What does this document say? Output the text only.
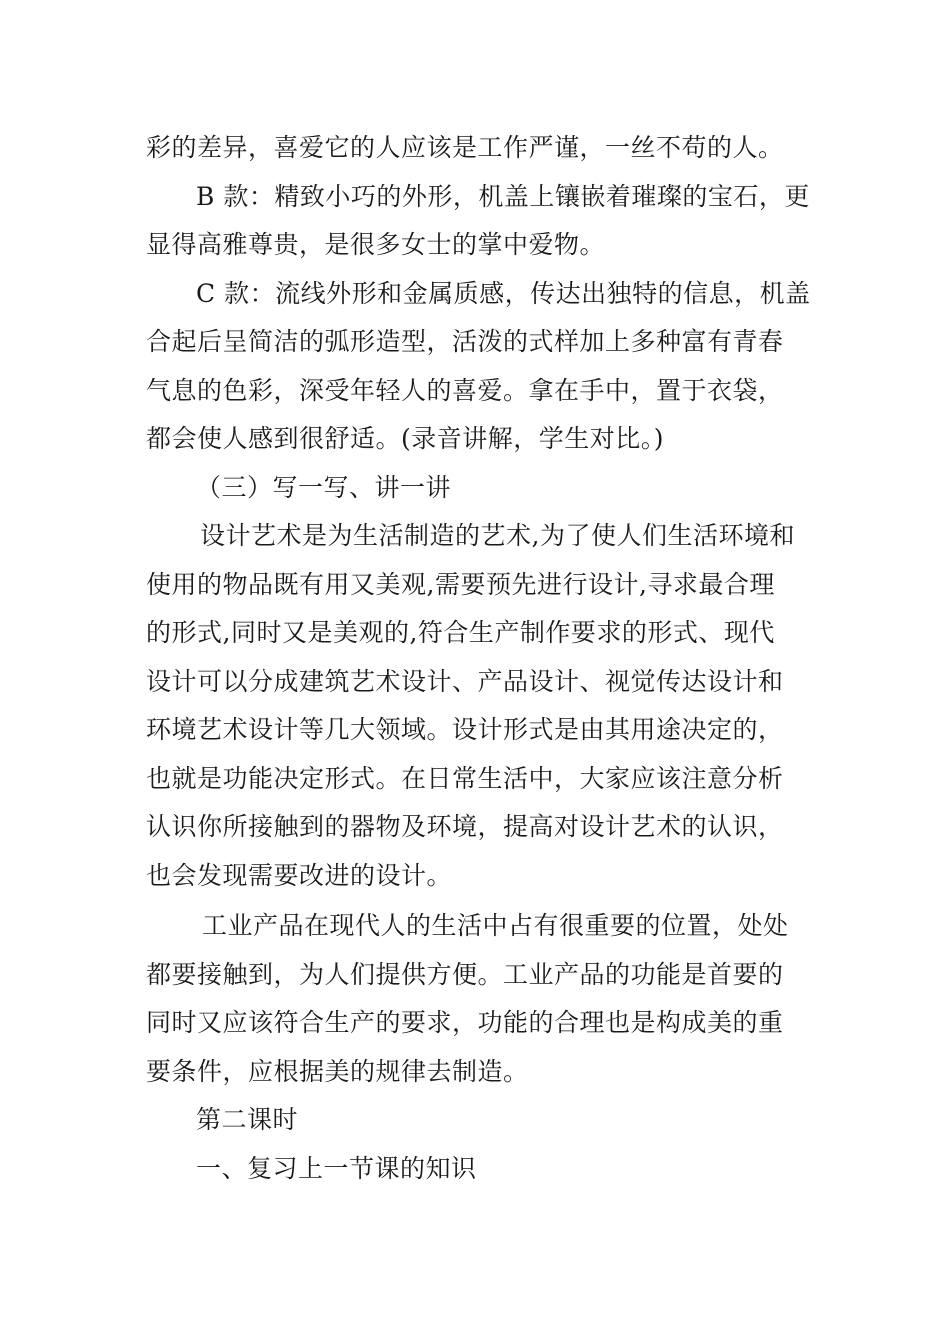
彩的差异，喜爱它的人应该是工作严谨，一丝不苟的人。
B 款：精致小巧的外形，机盖上镶嵌着璀璨的宝石，更
显得高雅尊贵，是很多女士的掌中爱物。
C 款：流线外形和金属质感，传达出独特的信息，机盖
合起后呈简洁的弧形造型，活泼的式样加上多种富有青春
气息的色彩，深受年轻人的喜爱。拿在手中，置于衣袋，
都会使人感到很舒适。(录音讲解，学生对比。)
（三）写一写、讲一讲
设计艺术是为生活制造的艺术,为了使人们生活环境和
使用的物品既有用又美观,需要预先进行设计,寻求最合理
的形式,同时又是美观的,符合生产制作要求的形式、现代
设计可以分成建筑艺术设计、产品设计、视觉传达设计和
环境艺术设计等几大领域。设计形式是由其用途决定的，
也就是功能决定形式。在日常生活中，大家应该注意分析
认识你所接触到的器物及环境，提高对设计艺术的认识，
也会发现需要改进的设计。
工业产品在现代人的生活中占有很重要的位置，处处
都要接触到，为人们提供方便。工业产品的功能是首要的
同时又应该符合生产的要求，功能的合理也是构成美的重
要条件，应根据美的规律去制造。
第二课时
一、复习上一节课的知识
